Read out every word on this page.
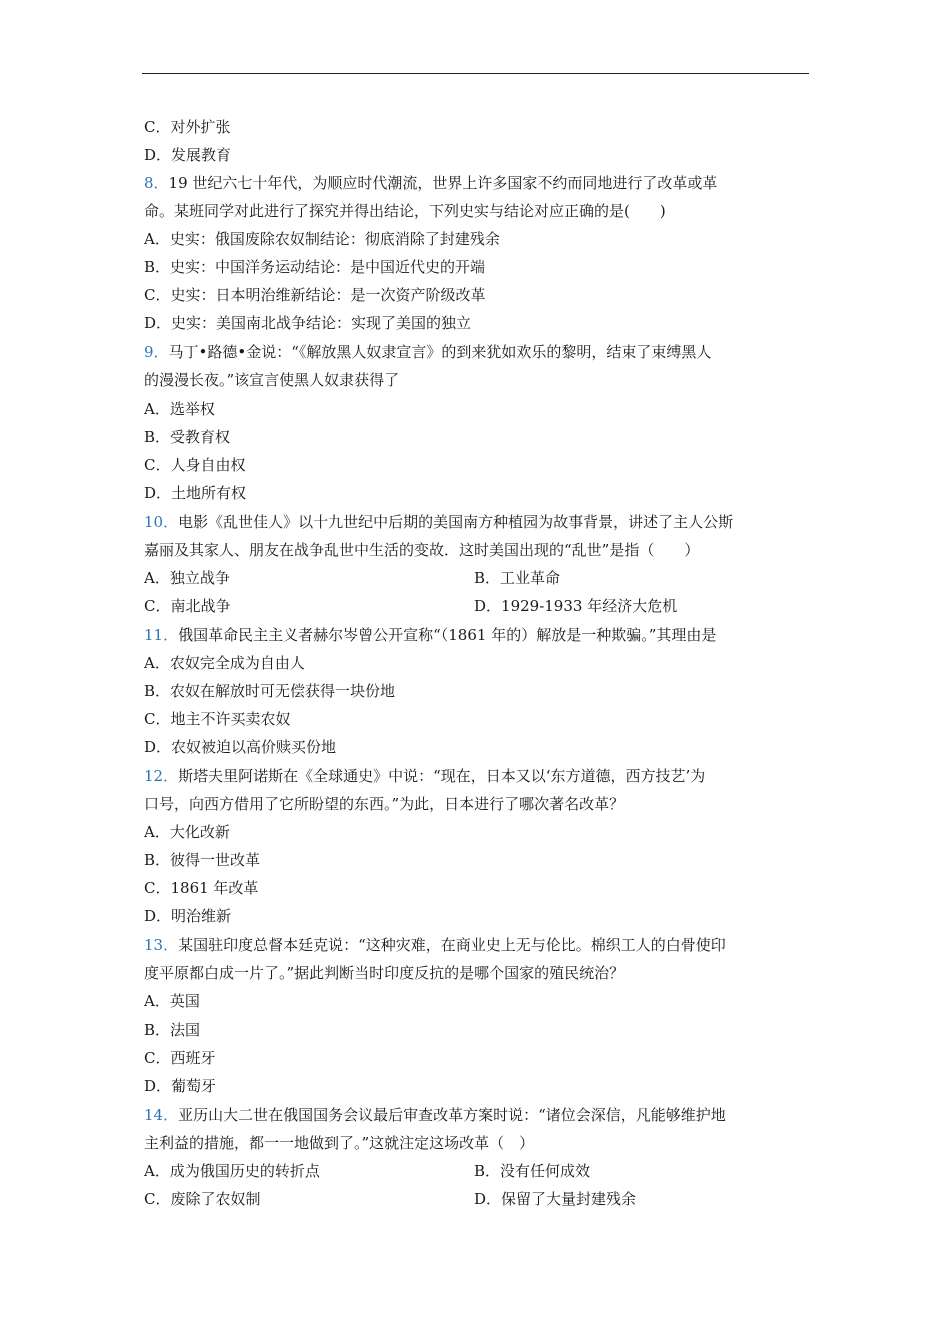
C．对外扩张
D．发展教育
8．19 世纪六七十年代，为顺应时代潮流，世界上许多国家不约而同地进行了改革或革
命。某班同学对此进行了探究并得出结论，下列史实与结论对应正确的是(　　)
A．史实：俄国废除农奴制结论：彻底消除了封建残余
B．史实：中国洋务运动结论：是中国近代史的开端
C．史实：日本明治维新结论：是一次资产阶级改革
D．史实：美国南北战争结论：实现了美国的独立
9．马丁•路德•金说：“《解放黑人奴隶宣言》的到来犹如欢乐的黎明，结束了束缚黑人
的漫漫长夜。”该宣言使黑人奴隶获得了
A．选举权
B．受教育权
C．人身自由权
D．土地所有权
10．电影《乱世佳人》以十九世纪中后期的美国南方种植园为故事背景，讲述了主人公斯
嘉丽及其家人、朋友在战争乱世中生活的变故．这时美国出现的“乱世”是指（　　）
A．独立战争	B．工业革命
C．南北战争	D．1929-1933 年经济大危机
11．俄国革命民主主义者赫尔岑曾公开宣称“（1861 年的）解放是一种欺骗。”其理由是
A．农奴完全成为自由人
B．农奴在解放时可无偿获得一块份地
C．地主不许买卖农奴
D．农奴被迫以高价赎买份地
12．斯塔夫里阿诺斯在《全球通史》中说：“现在，日本又以‘东方道德，西方技艺’为
口号，向西方借用了它所盼望的东西。”为此，日本进行了哪次著名改革？
A．大化改新
B．彼得一世改革
C．1861 年改革
D．明治维新
13．某国驻印度总督本廷克说：“这种灾难，在商业史上无与伦比。棉织工人的白骨使印
度平原都白成一片了。”据此判断当时印度反抗的是哪个国家的殖民统治？
A．英国
B．法国
C．西班牙
D．葡萄牙
14．亚历山大二世在俄国国务会议最后审查改革方案时说：“诸位会深信，凡能够维护地
主利益的措施，都一一地做到了。”这就注定这场改革（　）
A．成为俄国历史的转折点	B．没有任何成效
C．废除了农奴制	D．保留了大量封建残余
